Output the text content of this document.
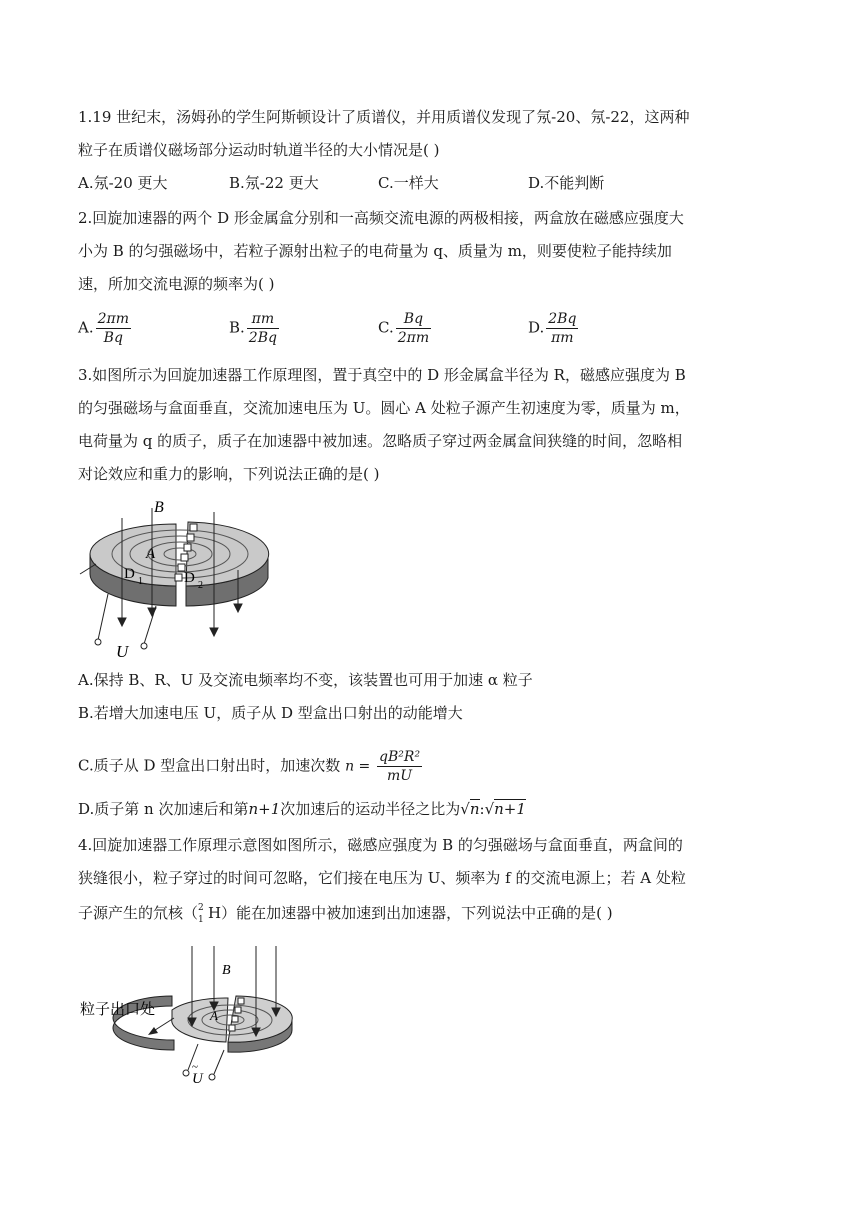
1.19 世纪末，汤姆孙的学生阿斯顿设计了质谱仪，并用质谱仪发现了氖-20、氖-22，这两种
粒子在质谱仪磁场部分运动时轨道半径的大小情况是( )
A.氖-20 更大	B.氖-22 更大	C.一样大	D.不能判断
2.回旋加速器的两个 D 形金属盒分别和一高频交流电源的两极相接，两盒放在磁感应强度大
小为 B 的匀强磁场中，若粒子源射出粒子的电荷量为 q、质量为 m，则要使粒子能持续加
速，所加交流电源的频率为( )
A. $\frac{2\pi m}{Bq}$	B. $\frac{\pi m}{2Bq}$	C. $\frac{Bq}{2\pi m}$	D. $\frac{2Bq}{\pi m}$
3.如图所示为回旋加速器工作原理图，置于真空中的 D 形金属盒半径为 R，磁感应强度为 B
的匀强磁场与盒面垂直，交流加速电压为 U。圆心 A 处粒子源产生初速度为零，质量为 m，
电荷量为 q 的质子，质子在加速器中被加速。忽略质子穿过两金属盒间狭缝的时间，忽略相
对论效应和重力的影响，下列说法正确的是( )
B
A
D 1	D 2
U
A.保持 B、R、U 及交流电频率均不变，该装置也可用于加速 α 粒子
B.若增大加速电压 U，质子从 D 型盒出口射出的动能增大
C.质子从 D 型盒出口射出时，加速次数 $n = \frac{\text{qB²R²}}{mU}$
D.质子第 n 次加速后和第n+1次加速后的运动半径之比为√n:√n+1
4.回旋加速器工作原理示意图如图所示，磁感应强度为 B 的匀强磁场与盒面垂直，两盒间的
狭缝很小，粒子穿过的时间可忽略，它们接在电压为 U、频率为 f 的交流电源上；若 A 处粒
子源产生的氘核（ 2
1 H）能在加速器中被加速到出加速器，下列说法中正确的是( )
B
A
粒子出口处
U
~
